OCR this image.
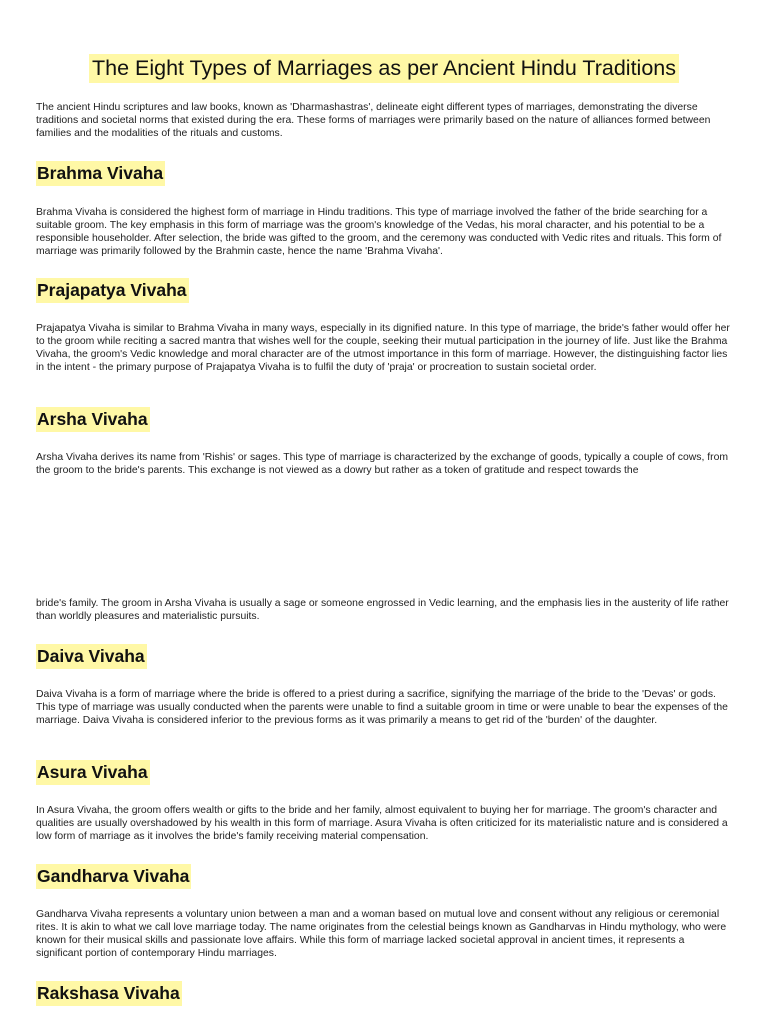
The Eight Types of Marriages as per Ancient Hindu Traditions

The ancient Hindu scriptures and law books, known as 'Dharmashastras', delineate eight different types of marriages, demonstrating the diverse traditions and societal norms that existed during the era. These forms of marriages were primarily based on the nature of alliances formed between families and the modalities of the rituals and customs.

Brahma Vivaha

Brahma Vivaha is considered the highest form of marriage in Hindu traditions. This type of marriage involved the father of the bride searching for a suitable groom. The key emphasis in this form of marriage was the groom's knowledge of the Vedas, his moral character, and his potential to be a responsible householder. After selection, the bride was gifted to the groom, and the ceremony was conducted with Vedic rites and rituals. This form of marriage was primarily followed by the Brahmin caste, hence the name 'Brahma Vivaha'.

Prajapatya Vivaha

Prajapatya Vivaha is similar to Brahma Vivaha in many ways, especially in its dignified nature. In this type of marriage, the bride's father would offer her to the groom while reciting a sacred mantra that wishes well for the couple, seeking their mutual participation in the journey of life. Just like the Brahma Vivaha, the groom's Vedic knowledge and moral character are of the utmost importance in this form of marriage. However, the distinguishing factor lies in the intent - the primary purpose of Prajapatya Vivaha is to fulfil the duty of 'praja' or procreation to sustain societal order.

Arsha Vivaha

Arsha Vivaha derives its name from 'Rishis' or sages. This type of marriage is characterized by the exchange of goods, typically a couple of cows, from the groom to the bride's parents. This exchange is not viewed as a dowry but rather as a token of gratitude and respect towards the

bride's family. The groom in Arsha Vivaha is usually a sage or someone engrossed in Vedic learning, and the emphasis lies in the austerity of life rather than worldly pleasures and materialistic pursuits.

Daiva Vivaha

Daiva Vivaha is a form of marriage where the bride is offered to a priest during a sacrifice, signifying the marriage of the bride to the 'Devas' or gods. This type of marriage was usually conducted when the parents were unable to find a suitable groom in time or were unable to bear the expenses of the marriage. Daiva Vivaha is considered inferior to the previous forms as it was primarily a means to get rid of the 'burden' of the daughter.

Asura Vivaha

In Asura Vivaha, the groom offers wealth or gifts to the bride and her family, almost equivalent to buying her for marriage. The groom's character and qualities are usually overshadowed by his wealth in this form of marriage. Asura Vivaha is often criticized for its materialistic nature and is considered a low form of marriage as it involves the bride's family receiving material compensation.

Gandharva Vivaha

Gandharva Vivaha represents a voluntary union between a man and a woman based on mutual love and consent without any religious or ceremonial rites. It is akin to what we call love marriage today. The name originates from the celestial beings known as Gandharvas in Hindu mythology, who were known for their musical skills and passionate love affairs. While this form of marriage lacked societal approval in ancient times, it represents a significant portion of contemporary Hindu marriages.

Rakshasa Vivaha
